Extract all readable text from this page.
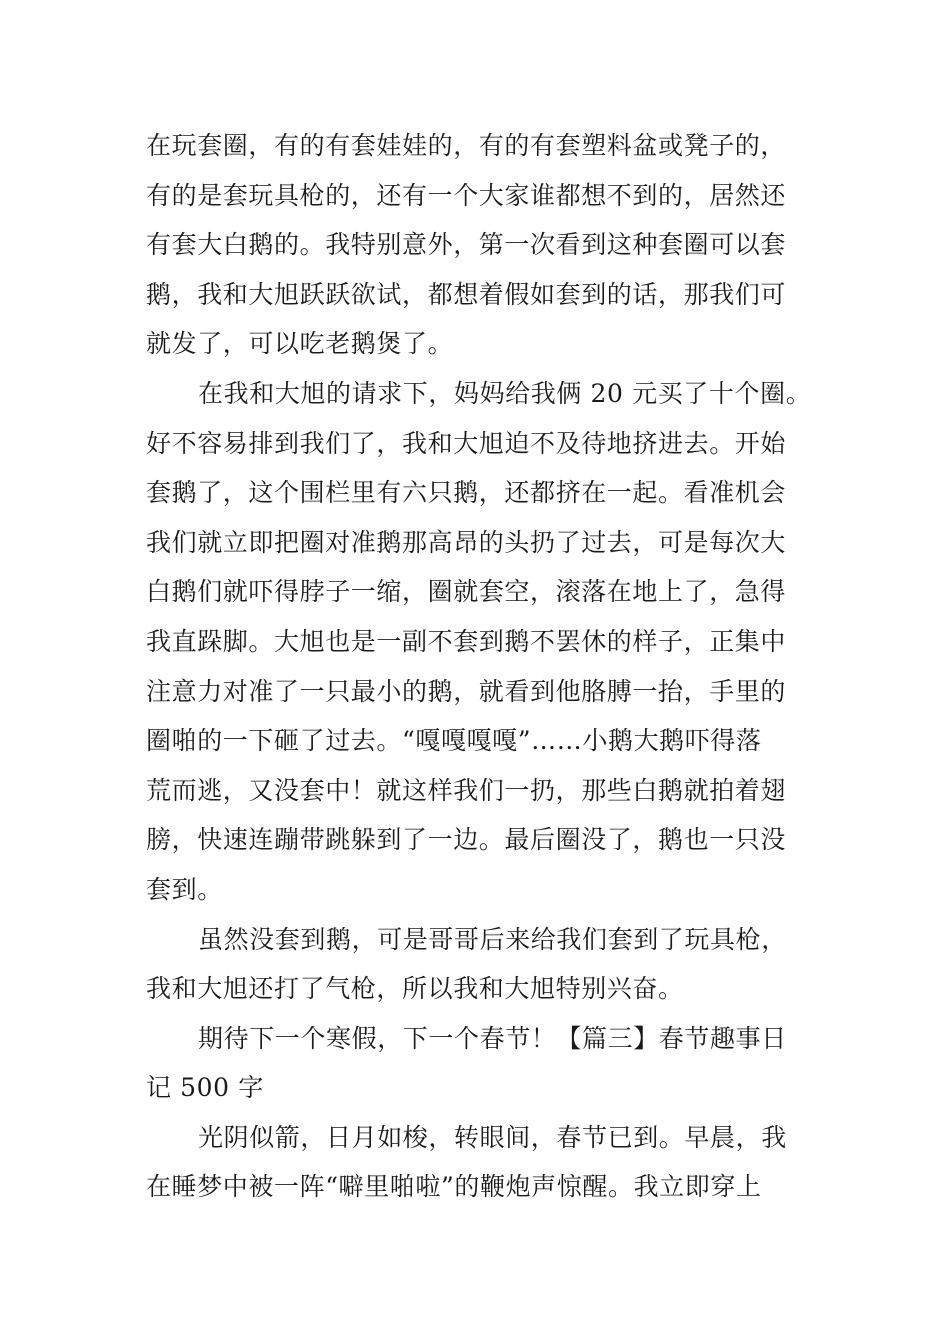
在玩套圈，有的有套娃娃的，有的有套塑料盆或凳子的，
有的是套玩具枪的，还有一个大家谁都想不到的，居然还
有套大白鹅的。我特别意外，第一次看到这种套圈可以套
鹅，我和大旭跃跃欲试，都想着假如套到的话，那我们可
就发了，可以吃老鹅煲了。
在我和大旭的请求下，妈妈给我俩 20 元买了十个圈。
好不容易排到我们了，我和大旭迫不及待地挤进去。开始
套鹅了，这个围栏里有六只鹅，还都挤在一起。看准机会
我们就立即把圈对准鹅那高昂的头扔了过去，可是每次大
白鹅们就吓得脖子一缩，圈就套空，滚落在地上了，急得
我直跺脚。大旭也是一副不套到鹅不罢休的样子，正集中
注意力对准了一只最小的鹅，就看到他胳膊一抬，手里的
圈啪的一下砸了过去。“嘎嘎嘎嘎”……小鹅大鹅吓得落
荒而逃，又没套中！就这样我们一扔，那些白鹅就拍着翅
膀，快速连蹦带跳躲到了一边。最后圈没了，鹅也一只没
套到。
虽然没套到鹅，可是哥哥后来给我们套到了玩具枪，
我和大旭还打了气枪，所以我和大旭特别兴奋。
期待下一个寒假，下一个春节！【篇三】春节趣事日
记 500 字
光阴似箭，日月如梭，转眼间，春节已到。早晨，我
在睡梦中被一阵“噼里啪啦”的鞭炮声惊醒。我立即穿上
